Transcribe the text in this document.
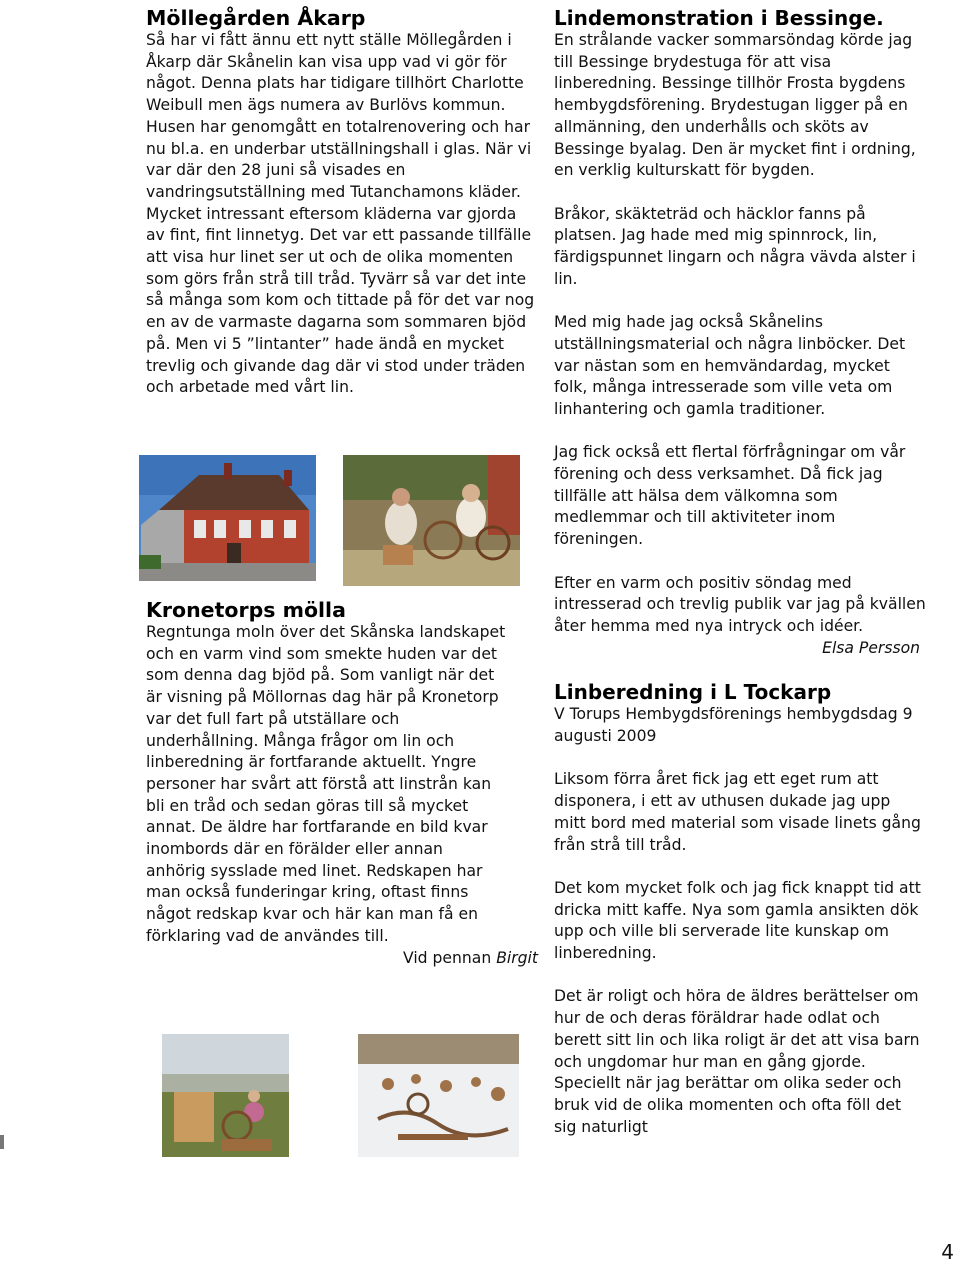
Möllegården Åkarp

Så har vi fått ännu ett nytt ställe Möllegården i Åkarp där Skånelin kan visa upp vad vi gör för något. Denna plats har tidigare tillhört Charlotte Weibull men ägs numera av Burlövs kommun. Husen har genomgått en totalrenovering och har nu bl.a. en underbar utställningshall i glas. När vi var där den 28 juni så visades en vandringsutställning med Tutanchamons kläder. Mycket intressant eftersom kläderna var gjorda av fint, fint linnetyg. Det var ett passande tillfälle att visa hur linet ser ut och de olika momenten som görs från strå till tråd. Tyvärr så var det inte så många som kom och tittade på för det var nog en av de varmaste dagarna som sommaren bjöd på. Men vi 5 ”lintanter” hade ändå en mycket trevlig och givande dag där vi stod under träden och arbetade med vårt lin.

Kronetorps mölla

Regntunga moln över det Skånska landskapet och en varm vind som smekte huden var det som denna dag bjöd på. Som vanligt när det är visning på Möllornas dag här på Kronetorp var det full fart på utställare och underhållning. Många frågor om lin och linberedning är fortfarande aktuellt. Yngre personer har svårt att förstå att linstrån kan bli en tråd och sedan göras till så mycket annat. De äldre har fortfarande en bild kvar inombords där en förälder eller annan anhörig sysslade med linet. Redskapen har man också funderingar kring, oftast finns något redskap kvar och här kan man få en förklaring vad de användes till.

Vid pennan Birgit

Lindemonstration i Bessinge.

En strålande vacker sommarsöndag körde jag till Bessinge brydestuga för att visa linberedning. Bessinge tillhör Frosta bygdens hembygdsförening. Brydestugan ligger på en allmänning, den underhålls och sköts av Bessinge byalag. Den är mycket fint i ordning, en verklig kulturskatt för bygden.

Bråkor, skäkteträd och häcklor fanns på platsen. Jag hade med mig spinnrock, lin, färdigspunnet lingarn och några vävda alster i lin.

Med mig hade jag också Skånelins utställningsmaterial och några linböcker. Det var nästan som en hemvändardag, mycket folk, många intresserade som ville veta om linhantering och gamla traditioner.

Jag fick också ett flertal förfrågningar om vår förening och dess verksamhet. Då fick jag tillfälle att hälsa dem välkomna som medlemmar och till aktiviteter inom föreningen.

Efter en varm och positiv söndag med intresserad och trevlig publik var jag på kvällen åter hemma med nya intryck och idéer.

Elsa Persson

Linberedning i L Tockarp

V Torups Hembygdsförenings hembygdsdag 9 augusti 2009

Liksom förra året fick jag ett eget rum att disponera, i ett av uthusen dukade jag upp mitt bord med material som visade linets gång från strå till tråd.

Det kom mycket folk och jag fick knappt tid att dricka mitt kaffe. Nya som gamla ansikten dök upp och ville bli serverade lite kunskap om linberedning.

Det är roligt och höra de äldres berättelser om hur de och deras föräldrar hade odlat och berett sitt lin och lika roligt är det att visa barn och ungdomar hur man en gång gjorde. Speciellt när jag berättar om olika seder och bruk vid de olika momenten och ofta föll det sig naturligt

4
